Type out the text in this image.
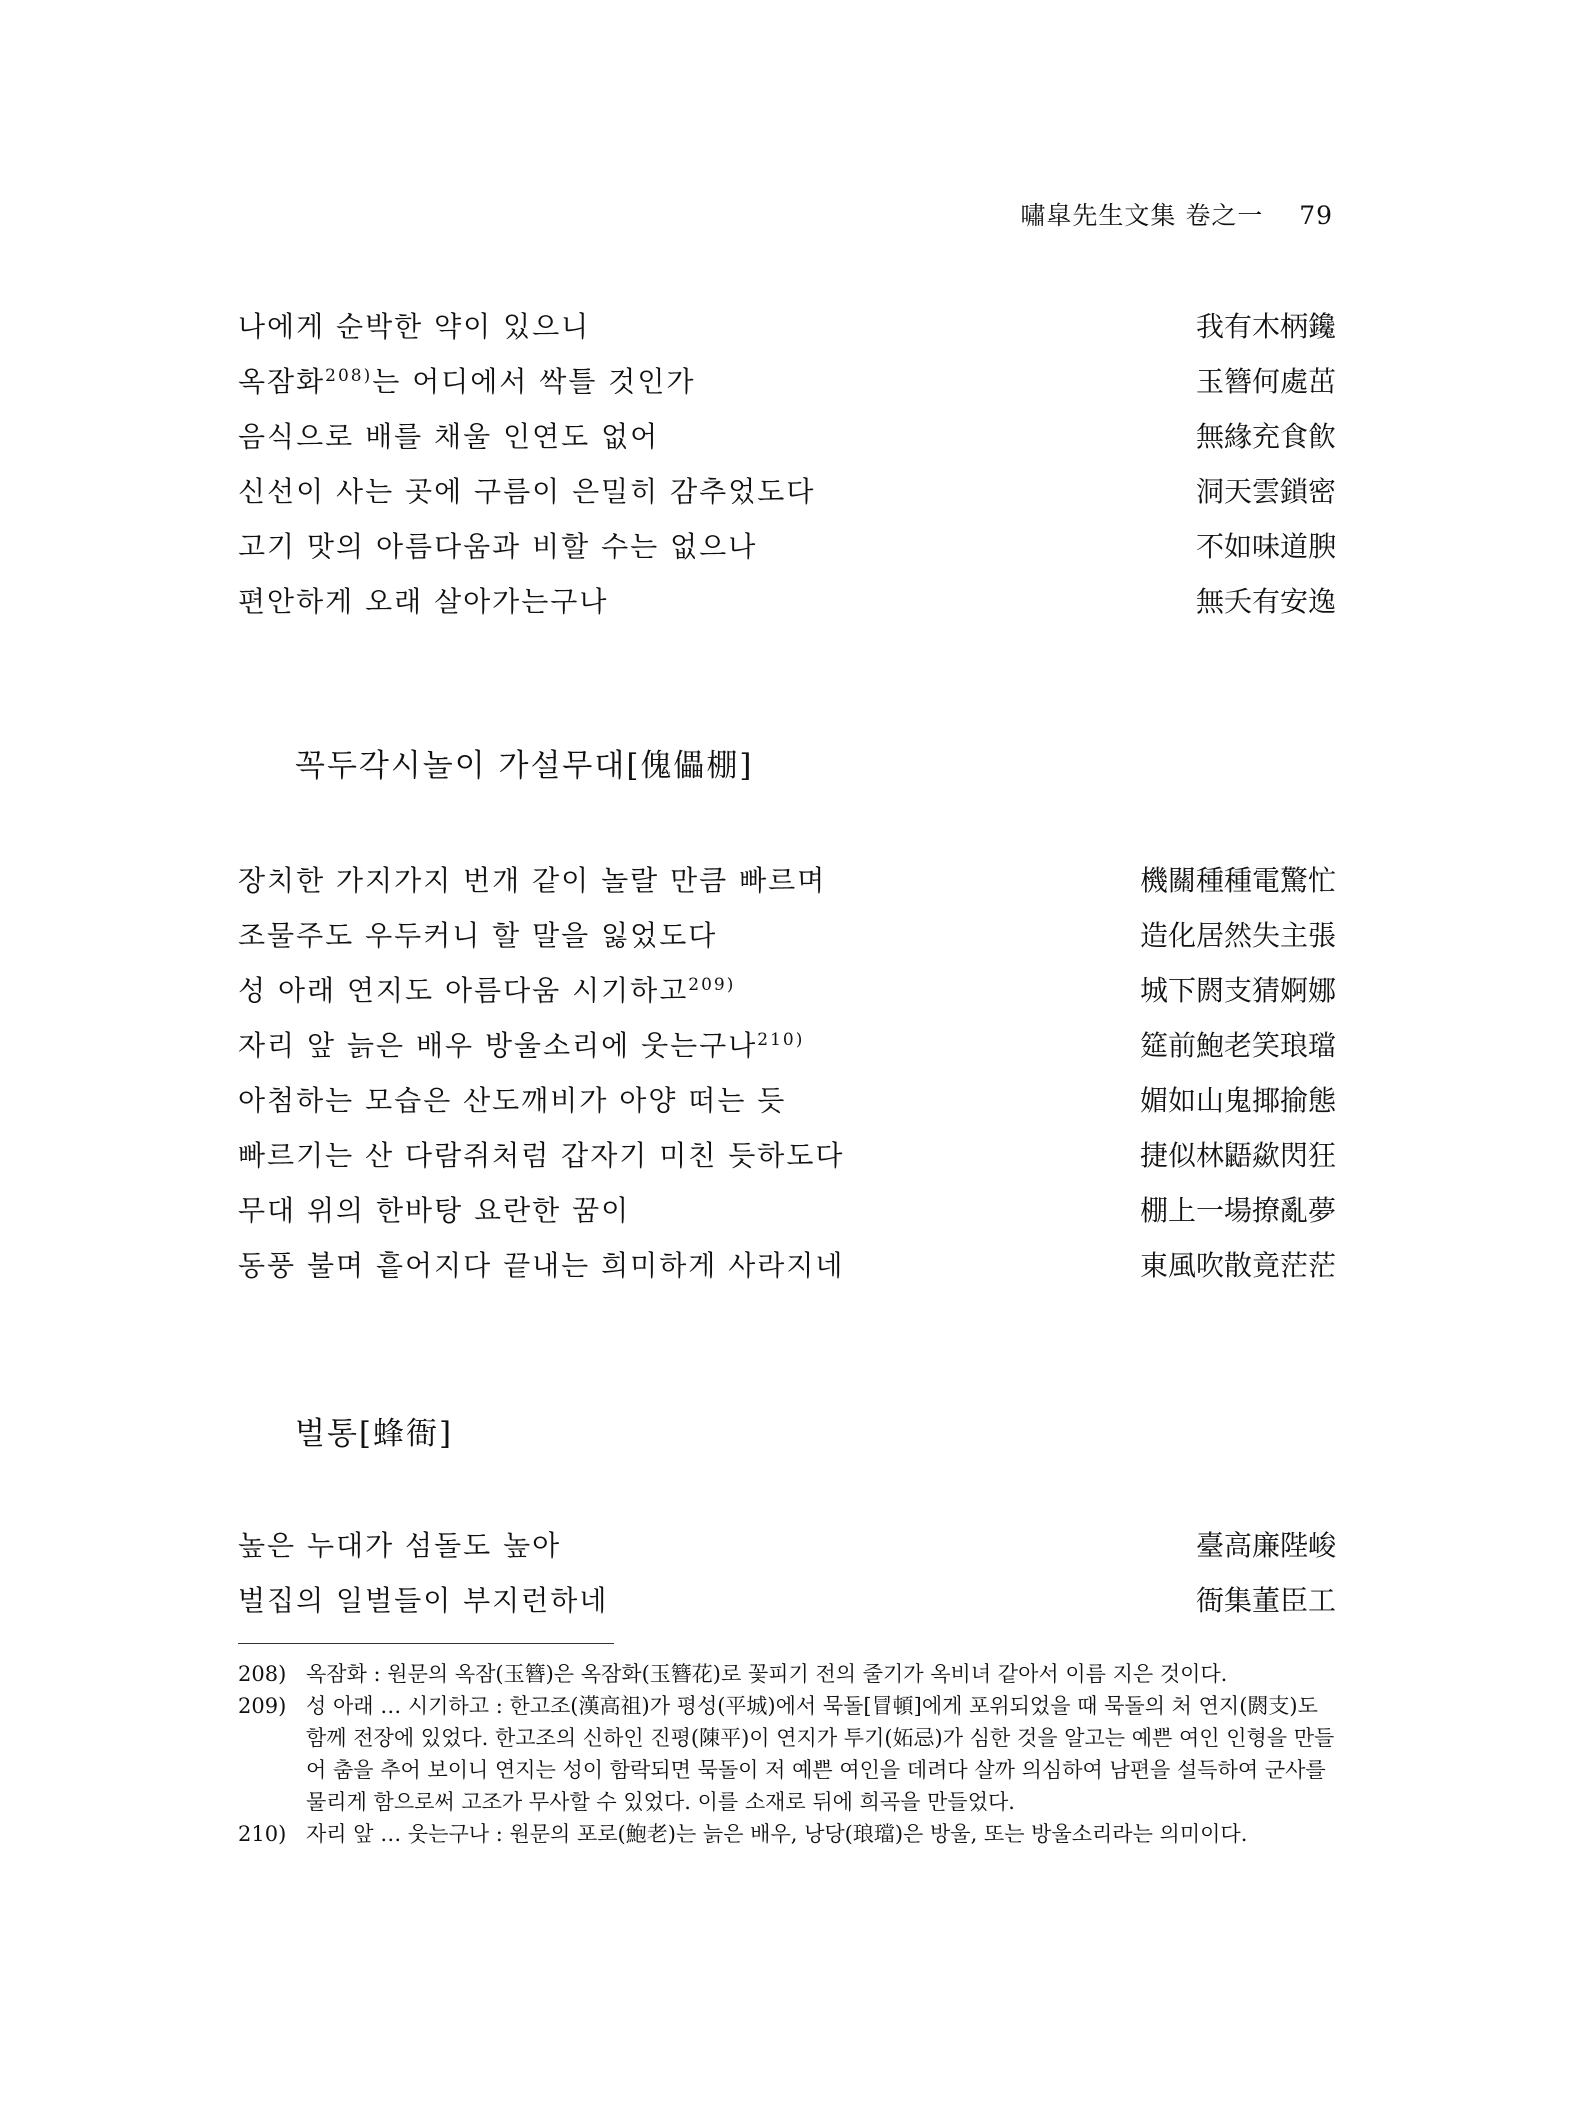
嘯皐先生文集 卷之一 79
나에게 순박한 약이 있으니	我有木柄鑱
옥잠화$^{208)}$는 어디에서 싹틀 것인가	玉簪何處茁
음식으로 배를 채울 인연도 없어	無緣充食飮
신선이 사는 곳에 구름이 은밀히 감추었도다	洞天雲鎖密
고기 맛의 아름다움과 비할 수는 없으나	不如味道腴
편안하게 오래 살아가는구나	無夭有安逸
꼭두각시놀이 가설무대[傀儡棚]
장치한 가지가지 번개 같이 놀랄 만큼 빠르며	機關種種電驚忙
조물주도 우두커니 할 말을 잃었도다	造化居然失主張
성 아래 연지도 아름다움 시기하고$^{209)}$	城下閼支猜婀娜
자리 앞 늙은 배우 방울소리에 웃는구나$^{210)}$	筵前鮑老笑琅璫
아첨하는 모습은 산도깨비가 아양 떠는 듯	媚如山鬼揶揄態
빠르기는 산 다람쥐처럼 갑자기 미친 듯하도다	捷似林鼯歘閃狂
무대 위의 한바탕 요란한 꿈이	棚上一場撩亂夢
동풍 불며 흩어지다 끝내는 희미하게 사라지네	東風吹散竟茫茫
벌통[蜂衙]
높은 누대가 섬돌도 높아	臺高廉陛峻
벌집의 일벌들이 부지런하네	衙集董臣工
208) 옥잠화 : 원문의 옥잠(玉簪)은 옥잠화(玉簪花)로 꽃피기 전의 줄기가 옥비녀 같아서 이름 지은 것이다.
209) 성 아래 … 시기하고 : 한고조(漢高祖)가 평성(平城)에서 묵돌[冒頓]에게 포위되었을 때 묵돌의 처 연지(閼支)도 함께 전장에 있었다. 한고조의 신하인 진평(陳平)이 연지가 투기(妬忌)가 심한 것을 알고는 예쁜 여인 인형을 만들어 춤을 추어 보이니 연지는 성이 함락되면 묵돌이 저 예쁜 여인을 데려다 살까 의심하여 남편을 설득하여 군사를 물리게 함으로써 고조가 무사할 수 있었다. 이를 소재로 뒤에 희곡을 만들었다.
210) 자리 앞 … 웃는구나 : 원문의 포로(鮑老)는 늙은 배우, 낭당(琅璫)은 방울, 또는 방울소리라는 의미이다.
